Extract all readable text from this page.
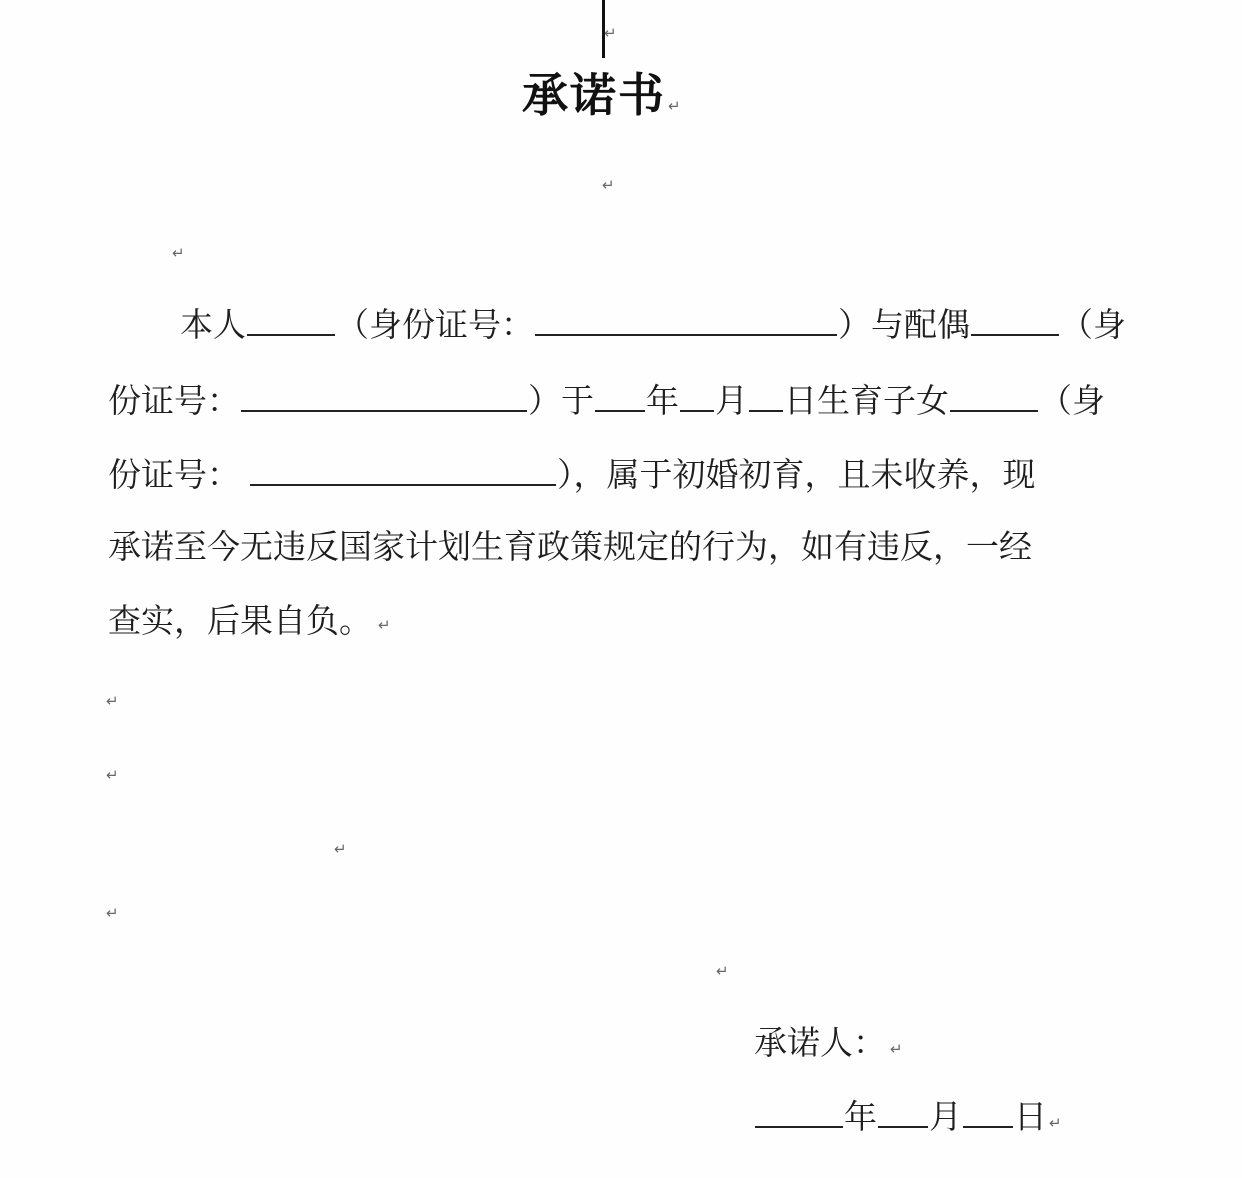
↵
承诺书 ↵
↵
↵
本人	（身份证号：	）与配偶	（身
份证号：	）于 年 月 日生育子女	（身
份证号：	），属于初婚初育，且未收养，现
承诺至今无违反国家计划生育政策规定的行为，如有违反，一经
查实，后果自负。 ↵
↵
↵
↵
↵
↵
承诺人： ↵
年 月 日 ↵
